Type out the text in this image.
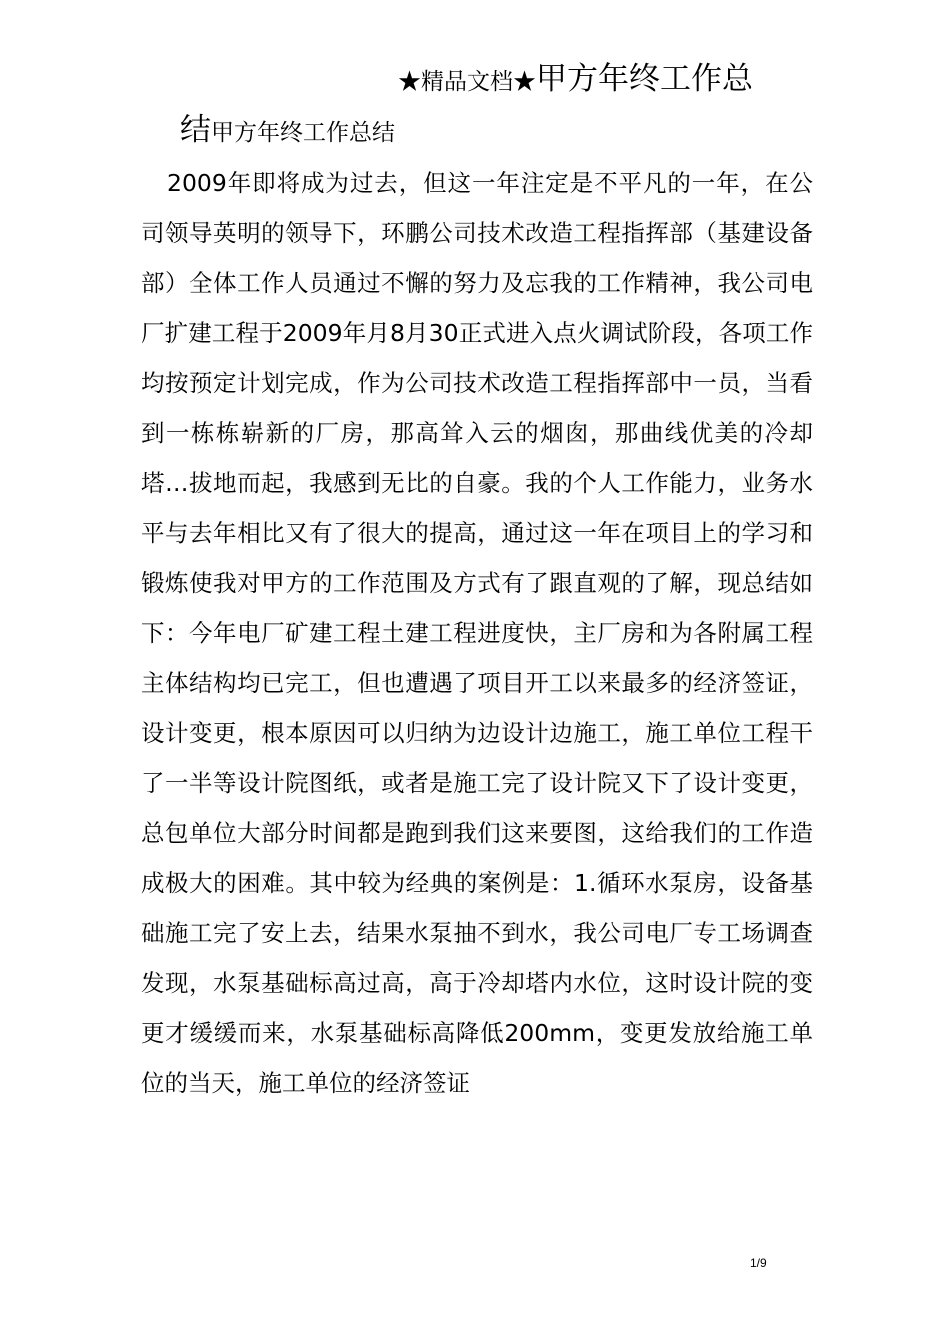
★精品文档★甲方年终工作总
结甲方年终工作总结

2009年即将成为过去，但这一年注定是不平凡的一年，在公司领导英明的领导下，环鹏公司技术改造工程指挥部（基建设备部）全体工作人员通过不懈的努力及忘我的工作精神，我公司电厂扩建工程于2009年月8月30正式进入点火调试阶段，各项工作均按预定计划完成，作为公司技术改造工程指挥部中一员，当看到一栋栋崭新的厂房，那高耸入云的烟囱，那曲线优美的冷却塔…拔地而起，我感到无比的自豪。我的个人工作能力，业务水平与去年相比又有了很大的提高，通过这一年在项目上的学习和锻炼使我对甲方的工作范围及方式有了跟直观的了解，现总结如下：今年电厂矿建工程土建工程进度快，主厂房和为各附属工程主体结构均已完工，但也遭遇了项目开工以来最多的经济签证，设计变更，根本原因可以归纳为边设计边施工，施工单位工程干了一半等设计院图纸，或者是施工完了设计院又下了设计变更，总包单位大部分时间都是跑到我们这来要图，这给我们的工作造成极大的困难。其中较为经典的案例是：1.循环水泵房，设备基础施工完了安上去，结果水泵抽不到水，我公司电厂专工场调查发现，水泵基础标高过高，高于冷却塔内水位，这时设计院的变更才缓缓而来，水泵基础标高降低200mm，变更发放给施工单位的当天，施工单位的经济签证

1/9
